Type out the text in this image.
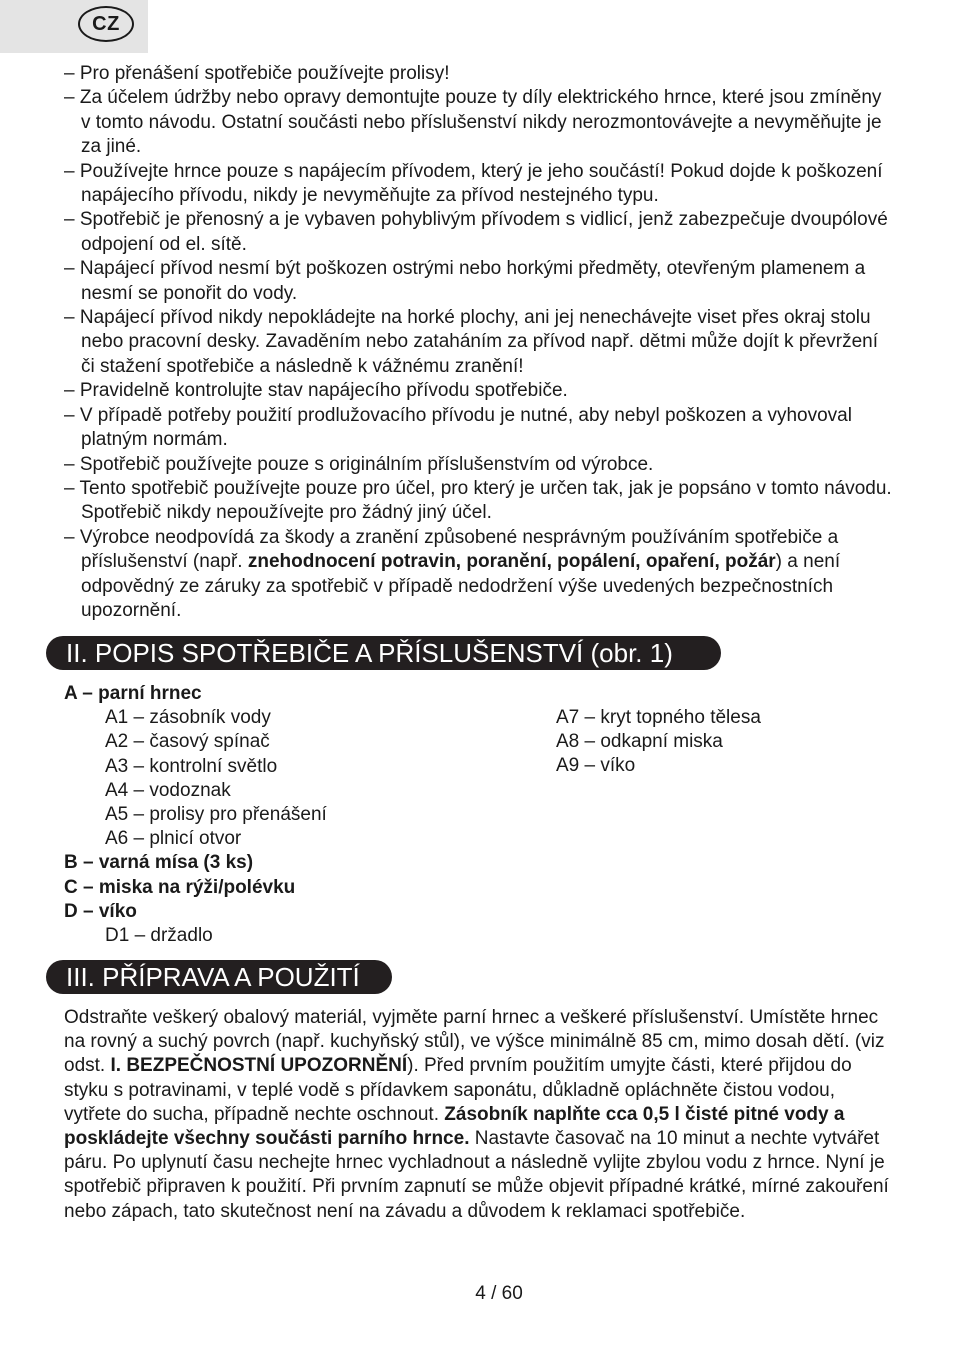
CZ
– Pro přenášení spotřebiče používejte prolisy!
– Za účelem údržby nebo opravy demontujte pouze ty díly elektrického hrnce, které jsou zmíněny v tomto návodu. Ostatní součásti nebo příslušenství nikdy nerozmontovávejte a nevyměňujte je za jiné.
– Používejte hrnce pouze s napájecím přívodem, který je jeho součástí! Pokud dojde k poškození napájecího přívodu, nikdy je nevyměňujte za přívod nestejného typu.
– Spotřebič je přenosný a je vybaven pohyblivým přívodem s vidlicí, jenž zabezpečuje dvoupólové odpojení od el. sítě.
– Napájecí přívod nesmí být poškozen ostrými nebo horkými předměty, otevřeným plamenem a nesmí se ponořit do vody.
– Napájecí přívod nikdy nepokládejte na horké plochy, ani jej nenechávejte viset přes okraj stolu nebo pracovní desky. Zavaděním nebo zataháním za přívod např. dětmi může dojít k převržení či stažení spotřebiče a následně k vážnému zranění!
– Pravidelně kontrolujte stav napájecího přívodu spotřebiče.
– V případě potřeby použití prodlužovacího přívodu je nutné, aby nebyl poškozen a vyhovoval platným normám.
– Spotřebič používejte pouze s originálním příslušenstvím od výrobce.
– Tento spotřebič používejte pouze pro účel, pro který je určen tak, jak je popsáno v tomto návodu. Spotřebič nikdy nepoužívejte pro žádný jiný účel.
– Výrobce neodpovídá za škody a zranění způsobené nesprávným používáním spotřebiče a příslušenství (např. znehodnocení potravin, poranění, popálení, opaření, požár) a není odpovědný ze záruky za spotřebič v případě nedodržení výše uvedených bezpečnostních upozornění.
II. POPIS SPOTŘEBIČE A PŘÍSLUŠENSTVÍ (obr. 1)
A – parní hrnec
A1 – zásobník vody
A2 – časový spínač
A3 – kontrolní světlo
A4 – vodoznak
A5 – prolisy pro přenášení
A6 – plnicí otvor
B – varná mísa (3 ks)
C – miska na rýži/polévku
D – víko
D1 – držadlo
A7 – kryt topného tělesa
A8 – odkapní miska
A9 – víko
III. PŘÍPRAVA A POUŽITÍ

Odstraňte veškerý obalový materiál, vyjměte parní hrnec a veškeré příslušenství. Umístěte hrnec na rovný a suchý povrch (např. kuchyňský stůl), ve výšce minimálně 85 cm, mimo dosah dětí. (viz odst. I. BEZPEČNOSTNÍ UPOZORNĚNÍ). Před prvním použitím umyjte části, které přijdou do styku s potravinami, v teplé vodě s přídavkem saponátu, důkladně opláchněte čistou vodou, vytřete do sucha, případně nechte oschnout. Zásobník naplňte cca 0,5 l čisté pitné vody a poskládejte všechny součásti parního hrnce. Nastavte časovač na 10 minut a nechte vytvářet páru. Po uplynutí času nechejte hrnec vychladnout a následně vylijte zbylou vodu z hrnce. Nyní je spotřebič připraven k použití. Při prvním zapnutí se může objevit případné krátké, mírné zakouření nebo zápach, tato skutečnost není na závadu a důvodem k reklamaci spotřebiče.

4 / 60
